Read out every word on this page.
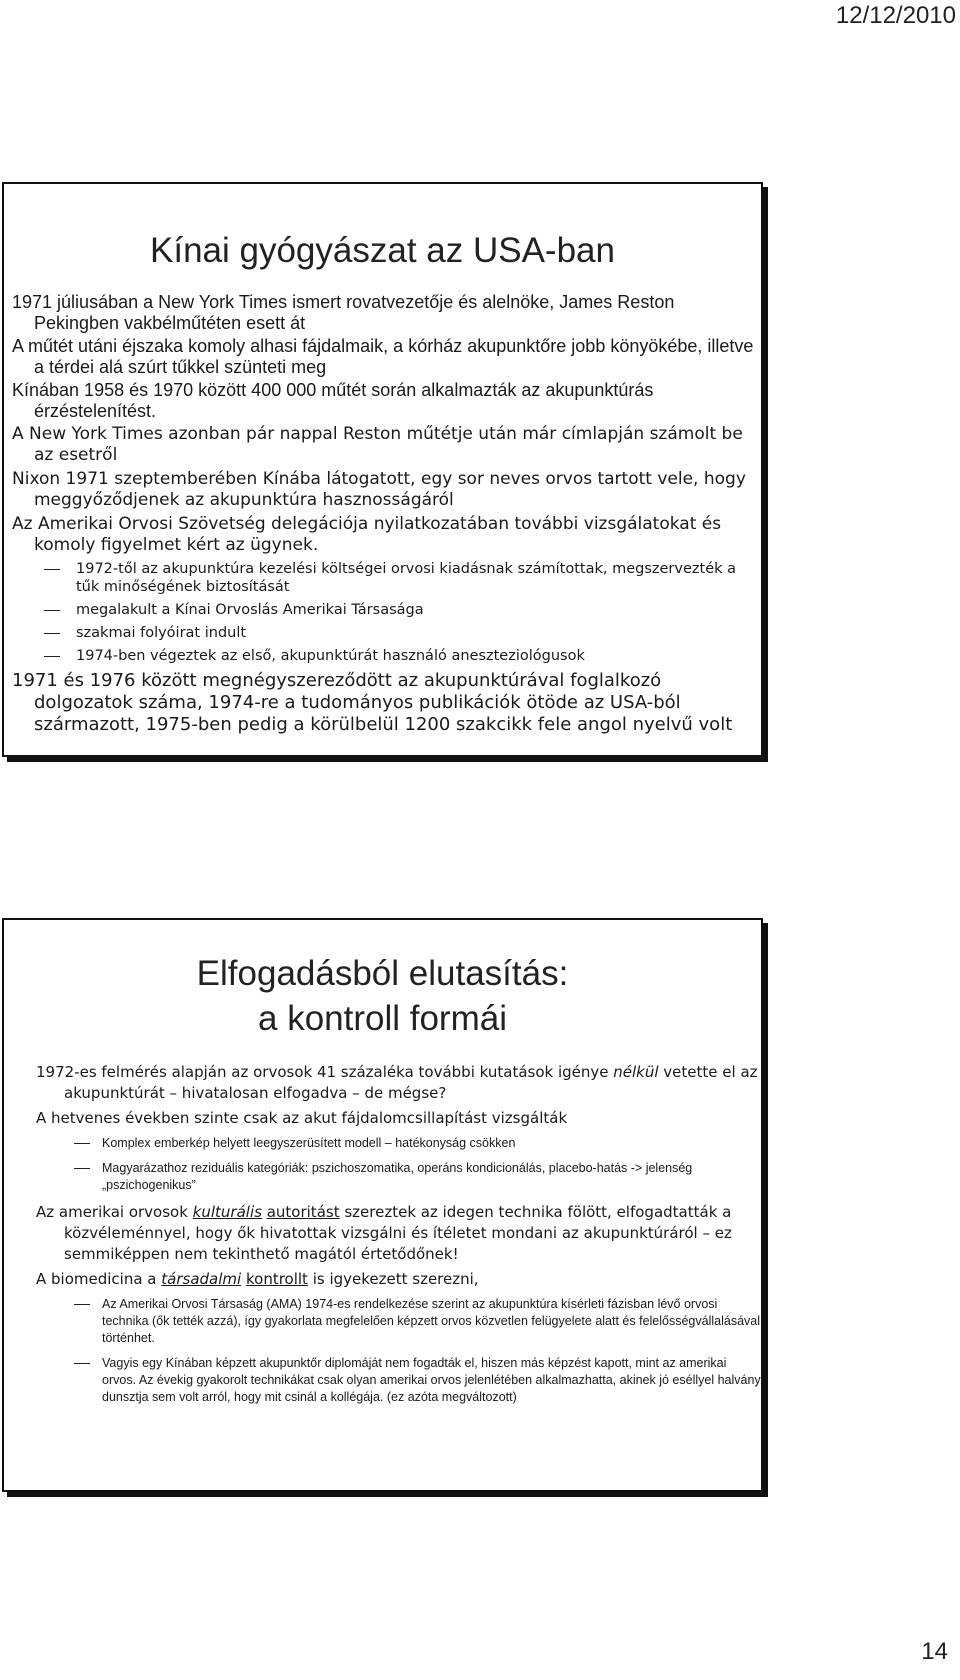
12/12/2010
Kínai gyógyászat az USA-ban
1971 júliusában a New York Times ismert rovatvezetője és alelnöke, James Reston Pekingben vakbélműtéten esett át
A műtét utáni éjszaka komoly alhasi fájdalmaik, a kórház akupunktőre jobb könyökébe, illetve a térdei alá szúrt tűkkel szünteti meg
Kínában 1958 és 1970 között 400 000 műtét során alkalmazták az akupunktúrás érzéstelenítést.
A New York Times azonban pár nappal Reston műtétje után már címlapján számolt be az esetről
Nixon 1971 szeptemberében Kínába látogatott, egy sor neves orvos tartott vele, hogy meggyőződjenek az akupunktúra hasznosságáról
Az Amerikai Orvosi Szövetség delegációja nyilatkozatában további vizsgálatokat és komoly figyelmet kért az ügynek.
1972-től az akupunktúra kezelési költségei orvosi kiadásnak számítottak, megszervezték a tűk minőségének biztosítását
megalakult a Kínai Orvoslás Amerikai Társasága
szakmai folyóirat indult
1974-ben végeztek az első, akupunktúrát használó aneszteziológusok
1971 és 1976 között megnégyszereződött az akupunktúrával foglalkozó dolgozatok száma, 1974-re a tudományos publikációk ötöde az USA-ból származott, 1975-ben pedig a körülbelül 1200 szakcikk fele angol nyelvű volt
Elfogadásból elutasítás:
a kontroll formái
1972-es felmérés alapján az orvosok 41 százaléka további kutatások igénye nélkül vetette el az akupunktúrát – hivatalosan elfogadva – de mégse?
A hetvenes években szinte csak az akut fájdalomcsillapítást vizsgálták
Komplex emberkép helyett leegyszerüsített modell – hatékonyság csökken
Magyarázathoz reziduális kategóriák: pszichoszomatika, operáns kondicionálás, placebo-hatás -> jelenség „pszichogenikus”
Az amerikai orvosok kulturális autoritást szereztek az idegen technika fölött, elfogadtatták a közvéleménnyel, hogy ők hivatottak vizsgálni és ítéletet mondani az akupunktúráról – ez semmiképpen nem tekinthető magától értetődőnek!
A biomedicina a társadalmi kontrollt is igyekezett szerezni,
Az Amerikai Orvosi Társaság (AMA) 1974-es rendelkezése szerint az akupunktúra kísérleti fázisban lévő orvosi technika (ők tették azzá), így gyakorlata megfelelően képzett orvos közvetlen felügyelete alatt és felelősségvállalásával történhet.
Vagyis egy Kínában képzett akupunktőr diplomáját nem fogadták el, hiszen más képzést kapott, mint az amerikai orvos. Az évekig gyakorolt technikákat csak olyan amerikai orvos jelenlétében alkalmazhatta, akinek jó eséllyel halvány dunsztja sem volt arról, hogy mit csinál a kollégája. (ez azóta megváltozott)
14
